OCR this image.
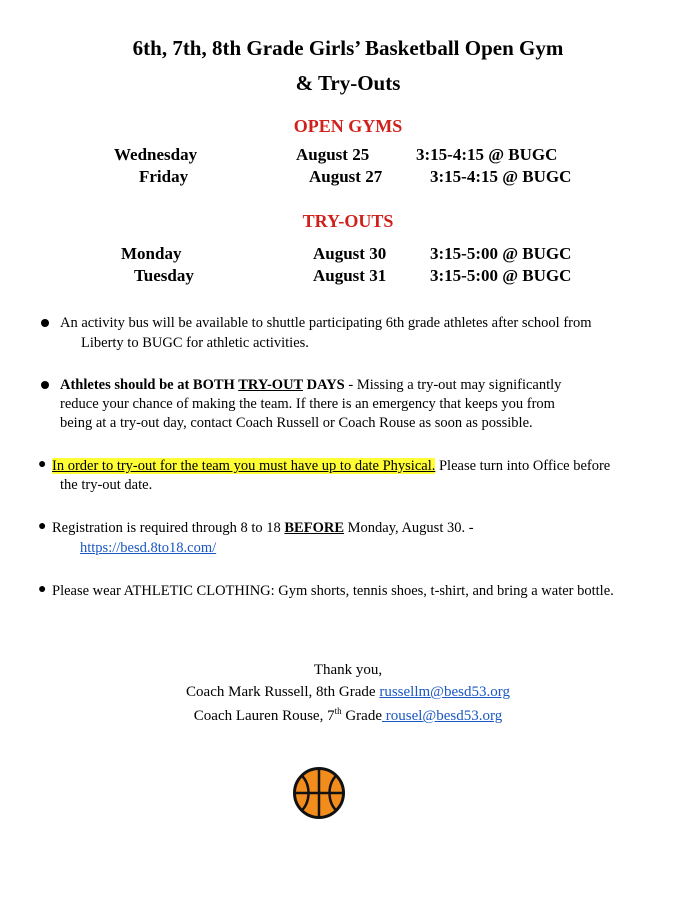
6th, 7th, 8th Grade Girls’ Basketball Open Gym
& Try-Outs
OPEN GYMS
Wednesday	August 25	3:15-4:15 @ BUGC
Friday	August 27	3:15-4:15 @ BUGC
TRY-OUTS
Monday	August 30	3:15-5:00 @ BUGC
Tuesday	August 31	3:15-5:00 @ BUGC
An activity bus will be available to shuttle participating 6th grade athletes after school from
Liberty to BUGC for athletic activities.
Athletes should be at BOTH TRY-OUT DAYS - Missing a try-out may significantly
reduce your chance of making the team. If there is an emergency that keeps you from
being at a try-out day, contact Coach Russell or Coach Rouse as soon as possible.
● In order to try-out for the team you must have up to date Physical. Please turn into Office before
the try-out date.
● Registration is required through 8 to 18 BEFORE Monday, August 30. -
https://besd.8to18.com/
● Please wear ATHLETIC CLOTHING: Gym shorts, tennis shoes, t-shirt, and bring a water bottle.
Thank you,
Coach Mark Russell, 8th Grade russellm@besd53.org
Coach Lauren Rouse, 7th Grade rousel@besd53.org
